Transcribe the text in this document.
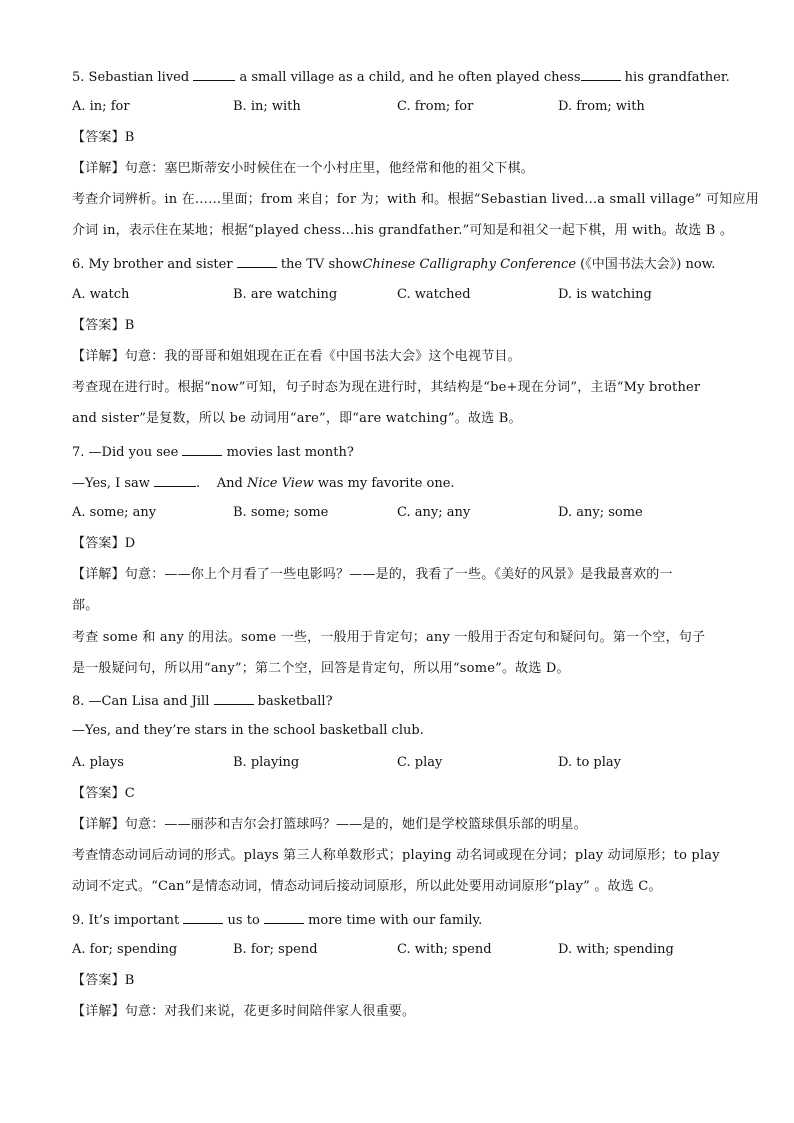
5. Sebastian lived	a small village as a child, and he often played chess	his grandfather.
A. in; for	B. in; with	C. from; for	D. from; with
【答案】B
【详解】句意：塞巴斯蒂安小时候住在一个小村庄里，他经常和他的祖父下棋。
考查介词辨析。in 在……里面；from 来自；for 为；with 和。根据“Sebastian lived...a small village” 可知应用
介词 in，表示住在某地；根据“played chess...his grandfather.”可知是和祖父一起下棋，用 with。故选 B 。
6. My brother and sister	the TV showChinese Calligraphy Conference (《中国书法大会》) now.
A. watch	B. are watching	C. watched	D. is watching
【答案】B
【详解】句意：我的哥哥和姐姐现在正在看《中国书法大会》这个电视节目。
考查现在进行时。根据“now”可知，句子时态为现在进行时，其结构是“be+现在分词”，主语“My brother
and sister”是复数，所以 be 动词用“are”，即“are watching”。故选 B。
7. —Did you see	movies last month?
—Yes, I saw	. And Nice View was my favorite one.
A. some; any	B. some; some	C. any; any	D. any; some
【答案】D
【详解】句意：——你上个月看了一些电影吗？——是的，我看了一些。《美好的风景》是我最喜欢的一
部。
考查 some 和 any 的用法。some 一些，一般用于肯定句；any 一般用于否定句和疑问句。第一个空，句子
是一般疑问句，所以用“any”；第二个空，回答是肯定句，所以用“some”。故选 D。
8. —Can Lisa and Jill	basketball?
—Yes, and they’re stars in the school basketball club.
A. plays	B. playing	C. play	D. to play
【答案】C
【详解】句意：——丽莎和吉尔会打篮球吗？——是的，她们是学校篮球俱乐部的明星。
考查情态动词后动词的形式。plays 第三人称单数形式；playing 动名词或现在分词；play 动词原形；to play
动词不定式。“Can”是情态动词，情态动词后接动词原形，所以此处要用动词原形“play” 。故选 C。
9. It’s important	us to	more time with our family.
A. for; spending	B. for; spend	C. with; spend	D. with; spending
【答案】B
【详解】句意：对我们来说，花更多时间陪伴家人很重要。
